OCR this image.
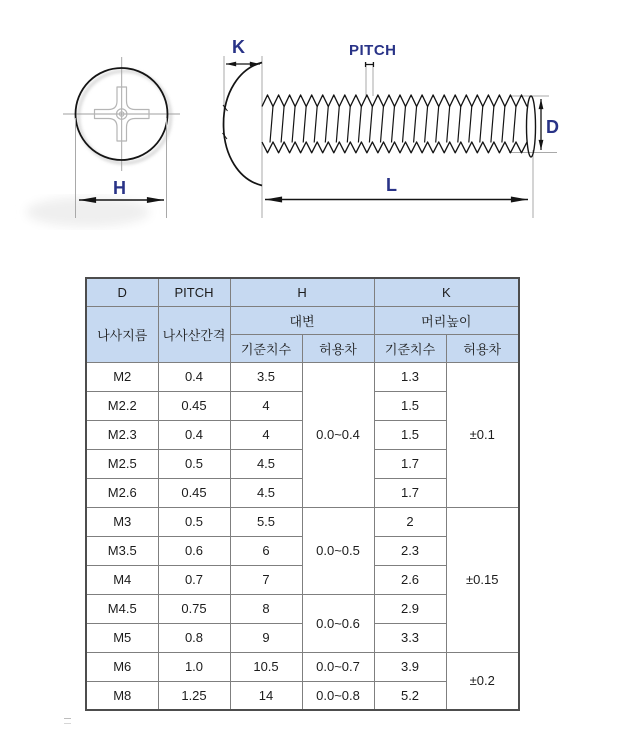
H
K	PITCH
D
L
D	PITCH	H		K	
나사지름	나사산간격	대변		머리높이	
		기준치수	허용차	기준치수	허용차
M2	0.4	3.5	0.0~0.4	1.3	±0.1
M2.2	0.45	4		1.5	
M2.3	0.4	4		1.5	
M2.5	0.5	4.5		1.7	
M2.6	0.45	4.5		1.7	
M3	0.5	5.5	0.0~0.5	2	±0.15
M3.5	0.6	6		2.3	
M4	0.7	7		2.6	
M4.5	0.75	8	0.0~0.6	2.9	
M5	0.8	9		3.3	
M6	1.0	10.5	0.0~0.7	3.9	±0.2
M8	1.25	14	0.0~0.8	5.2	
